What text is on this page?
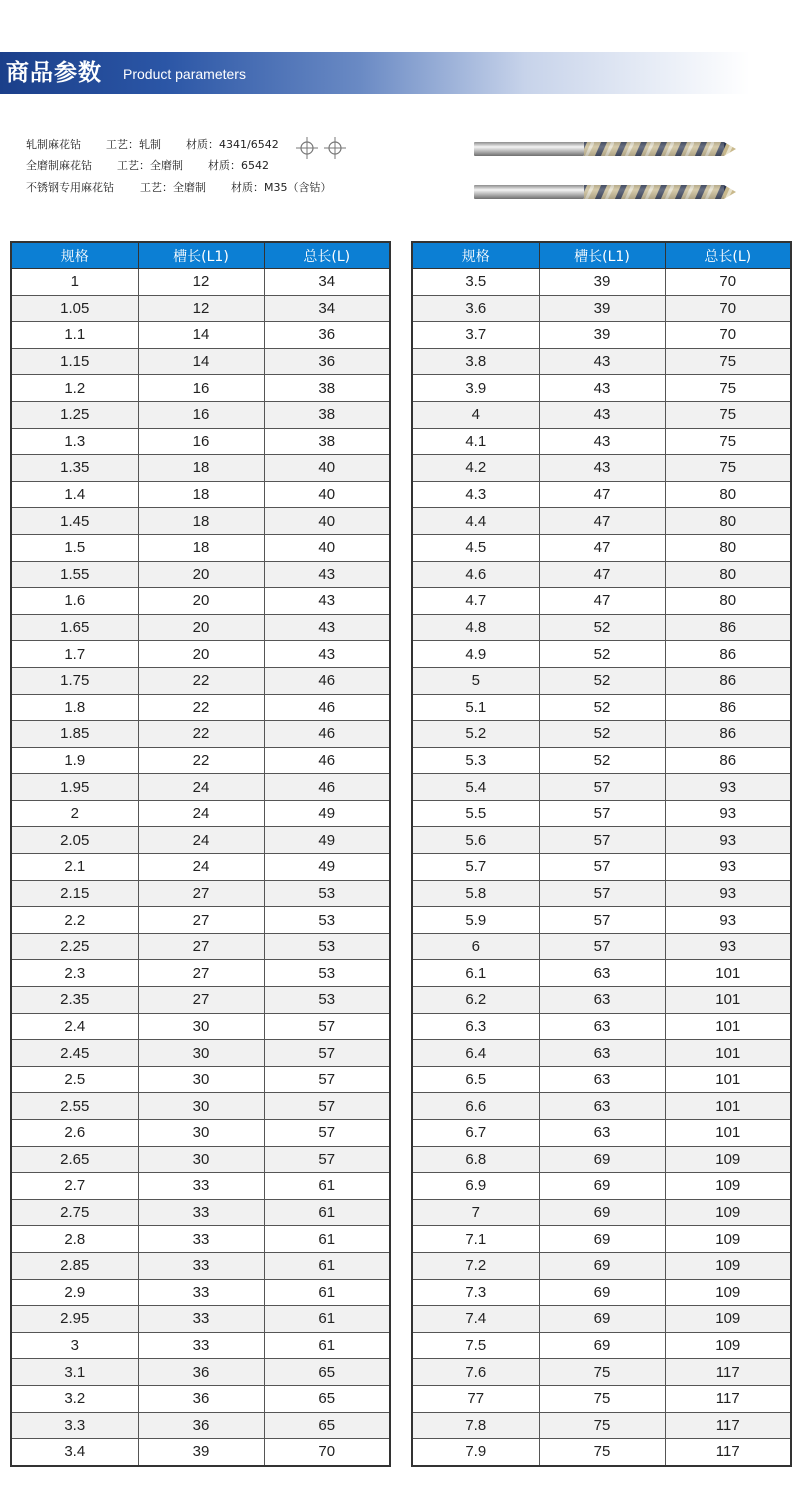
商品参数 Product parameters
轧制麻花钻 工艺：轧制 材质：4341/6542
全磨制麻花钻 工艺：全磨制 材质：6542
不锈钢专用麻花钻 工艺：全磨制 材质：M35（含钴）
规格	槽长(L1)	总长(L)
1	12	34
1.05	12	34
1.1	14	36
1.15	14	36
1.2	16	38
1.25	16	38
1.3	16	38
1.35	18	40
1.4	18	40
1.45	18	40
1.5	18	40
1.55	20	43
1.6	20	43
1.65	20	43
1.7	20	43
1.75	22	46
1.8	22	46
1.85	22	46
1.9	22	46
1.95	24	46
2	24	49
2.05	24	49
2.1	24	49
2.15	27	53
2.2	27	53
2.25	27	53
2.3	27	53
2.35	27	53
2.4	30	57
2.45	30	57
2.5	30	57
2.55	30	57
2.6	30	57
2.65	30	57
2.7	33	61
2.75	33	61
2.8	33	61
2.85	33	61
2.9	33	61
2.95	33	61
3	33	61
3.1	36	65
3.2	36	65
3.3	36	65
3.4	39	70
规格	槽长(L1)	总长(L)
3.5	39	70
3.6	39	70
3.7	39	70
3.8	43	75
3.9	43	75
4	43	75
4.1	43	75
4.2	43	75
4.3	47	80
4.4	47	80
4.5	47	80
4.6	47	80
4.7	47	80
4.8	52	86
4.9	52	86
5	52	86
5.1	52	86
5.2	52	86
5.3	52	86
5.4	57	93
5.5	57	93
5.6	57	93
5.7	57	93
5.8	57	93
5.9	57	93
6	57	93
6.1	63	101
6.2	63	101
6.3	63	101
6.4	63	101
6.5	63	101
6.6	63	101
6.7	63	101
6.8	69	109
6.9	69	109
7	69	109
7.1	69	109
7.2	69	109
7.3	69	109
7.4	69	109
7.5	69	109
7.6	75	117
77	75	117
7.8	75	117
7.9	75	117
